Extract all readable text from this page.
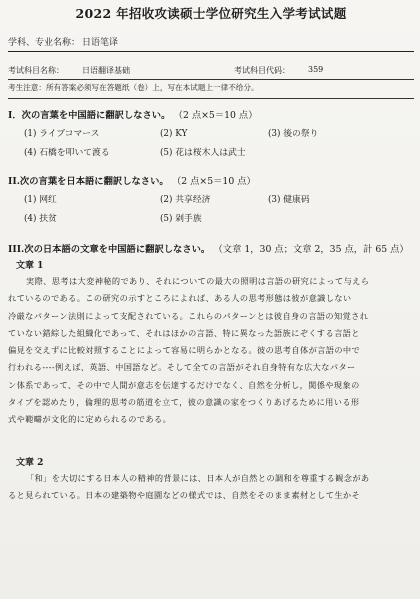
2022 年招收攻读硕士学位研究生入学考试试题
学科、专业名称： 日语笔译
考试科目名称：	日语翻译基础	考试科目代码：	359
考生注意：所有答案必须写在答题纸（卷）上，写在本试题上一律不给分。
I．次の言葉を中国語に翻訳しなさい。 （2 点×5＝10 点）
(1) ライブコマース	(2) KY	(3) 後の祭り
(4) 石橋を叩いて渡る	(5) 花は桜木人は武士
II.次の言葉を日本語に翻訳しなさい。 （2 点×5＝10 点）
(1) 网红	(2) 共享经济	(3) 健康码
(4) 扶贫	(5) 剁手族
III.次の日本語の文章を中国語に翻訳しなさい。 （文章 1，30 点；文章 2，35 点，計 65 点）
文章 1
実際、思考は大変神秘的であり、それについての最大の照明は言語の研究によって与えら
れているのである。この研究の示すところによれば、ある人の思考形態は彼が意識しない
冷厳なパターン法則によって支配されている。これらのパターンとは彼自身の言語の知覚され
ていない錯綜した組織化であって、それはほかの言語、特に異なった語族にぞくする言語と
偏見を交えずに比較対照することによって容易に明らかとなる。彼の思考自体が言語の中で
行われる----例えば、英語、中国語など。そして全ての言語がそれ自身特有な広大なパター
ン体系であって、その中で人間が意志を伝達するだけでなく、自然を分析し，関係や現象の
タイプを認めたり，倫理的思考の筋道を立て，彼の意識の家をつくりあげるために用いる形
式や範疇が文化的に定められるのである。
文章 2
「和」を大切にする日本人の精神的背景には、日本人が自然との調和を尊重する観念があ
ると見られている。日本の建築物や庭園などの様式では、自然をそのまま素材として生かそ
